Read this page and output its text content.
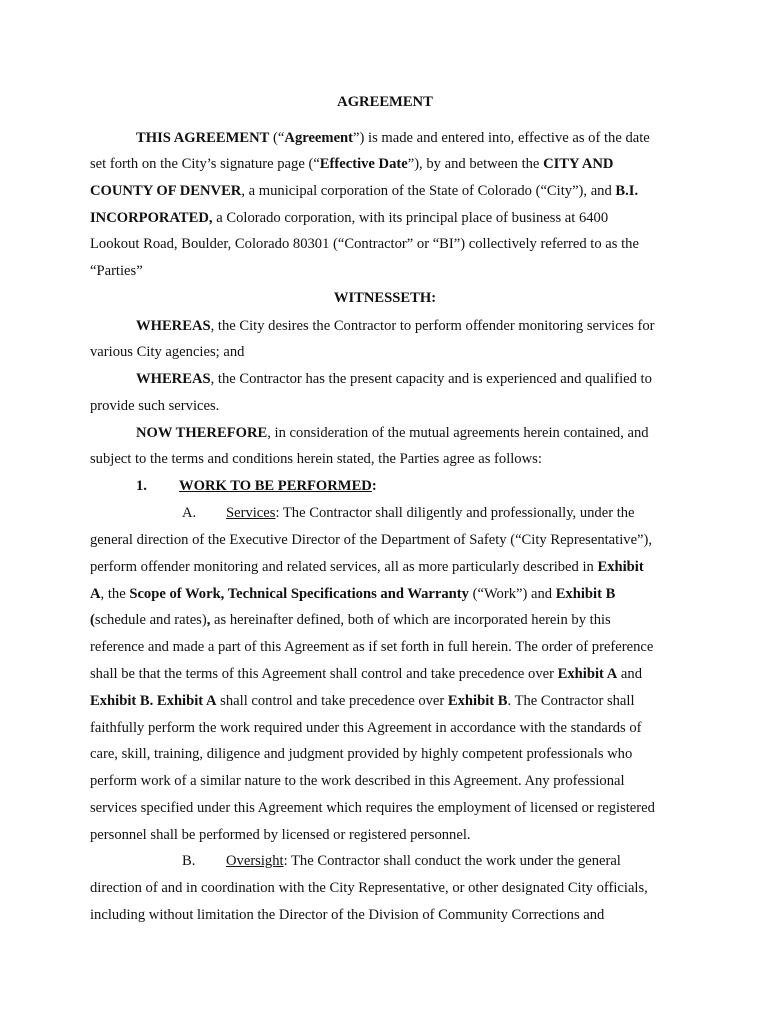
AGREEMENT
THIS AGREEMENT (“Agreement”) is made and entered into, effective as of the date
set forth on the City’s signature page (“Effective Date”), by and between the CITY AND
COUNTY OF DENVER, a municipal corporation of the State of Colorado (“City”), and B.I.
INCORPORATED, a Colorado corporation, with its principal place of business at 6400
Lookout Road, Boulder, Colorado 80301 (“Contractor” or “BI”) collectively referred to as the
“Parties”
WITNESSETH:
WHEREAS, the City desires the Contractor to perform offender monitoring services for
various City agencies; and
WHEREAS, the Contractor has the present capacity and is experienced and qualified to
provide such services.
NOW THEREFORE, in consideration of the mutual agreements herein contained, and
subject to the terms and conditions herein stated, the Parties agree as follows:
1. WORK TO BE PERFORMED:
A. Services: The Contractor shall diligently and professionally, under the
general direction of the Executive Director of the Department of Safety (“City Representative”),
perform offender monitoring and related services, all as more particularly described in Exhibit
A, the Scope of Work, Technical Specifications and Warranty (“Work”) and Exhibit B
(schedule and rates), as hereinafter defined, both of which are incorporated herein by this
reference and made a part of this Agreement as if set forth in full herein. The order of preference
shall be that the terms of this Agreement shall control and take precedence over Exhibit A and
Exhibit B. Exhibit A shall control and take precedence over Exhibit B. The Contractor shall
faithfully perform the work required under this Agreement in accordance with the standards of
care, skill, training, diligence and judgment provided by highly competent professionals who
perform work of a similar nature to the work described in this Agreement. Any professional
services specified under this Agreement which requires the employment of licensed or registered
personnel shall be performed by licensed or registered personnel.
B. Oversight: The Contractor shall conduct the work under the general
direction of and in coordination with the City Representative, or other designated City officials,
including without limitation the Director of the Division of Community Corrections and
